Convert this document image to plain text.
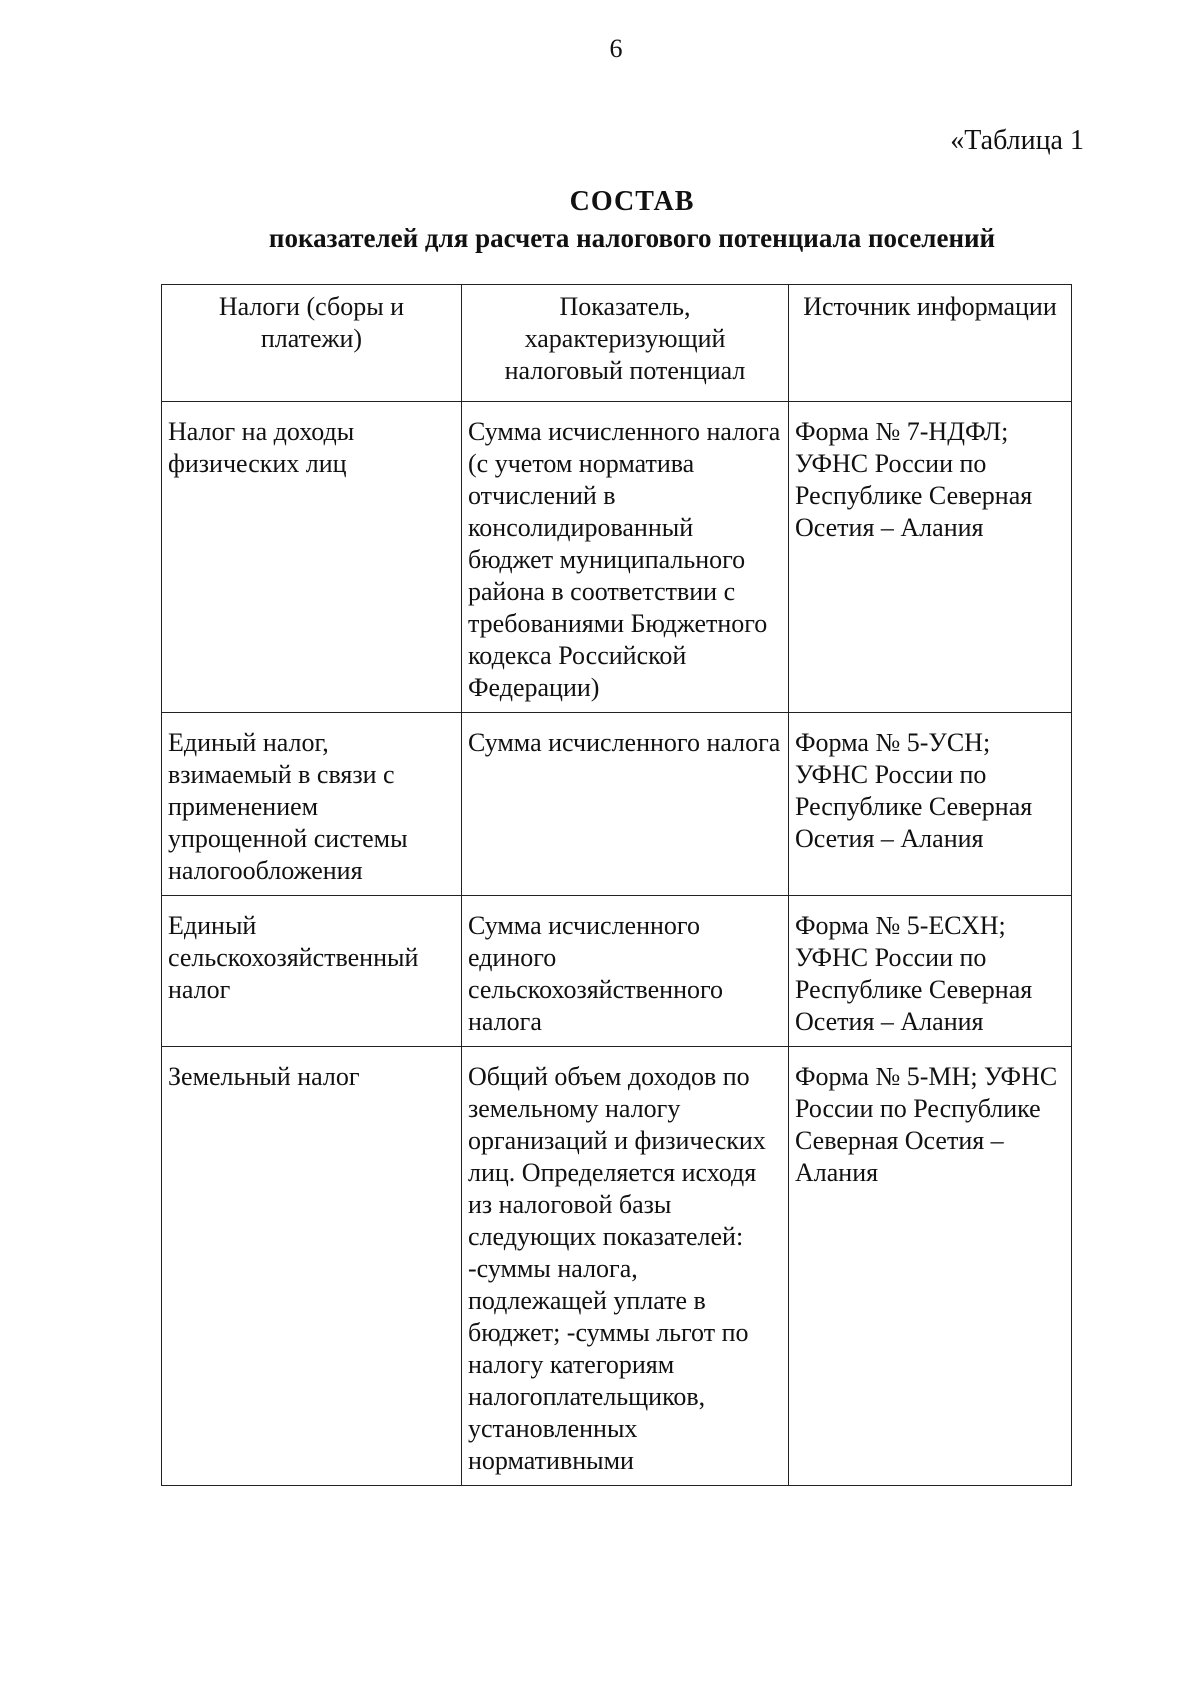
6
«Таблица 1
СОСТАВ
показателей для расчета налогового потенциала поселений
Налоги (сборы и платежи)	Показатель, характеризующий налоговый потенциал	Источник информации
Налог на доходы физических лиц	Сумма исчисленного налога (с учетом норматива отчислений в консолидированный бюджет муниципального района в соответствии с требованиями Бюджетного кодекса Российской Федерации)	Форма № 7-НДФЛ; УФНС России по Республике Северная Осетия – Алания
Единый налог, взимаемый в связи с применением упрощенной системы налогообложения	Сумма исчисленного налога	Форма № 5-УСН; УФНС России по Республике Северная Осетия – Алания
Единый сельскохозяйственный налог	Сумма исчисленного единого сельскохозяйственного налога	Форма № 5-ЕСХН; УФНС России по Республике Северная Осетия – Алания
Земельный налог	Общий объем доходов по земельному налогу организаций и физических лиц. Определяется исходя из налоговой базы следующих показателей: -суммы налога, подлежащей уплате в бюджет; -суммы льгот по налогу категориям налогоплательщиков, установленных нормативными	Форма № 5-МН; УФНС России по Республике Северная Осетия – Алания
